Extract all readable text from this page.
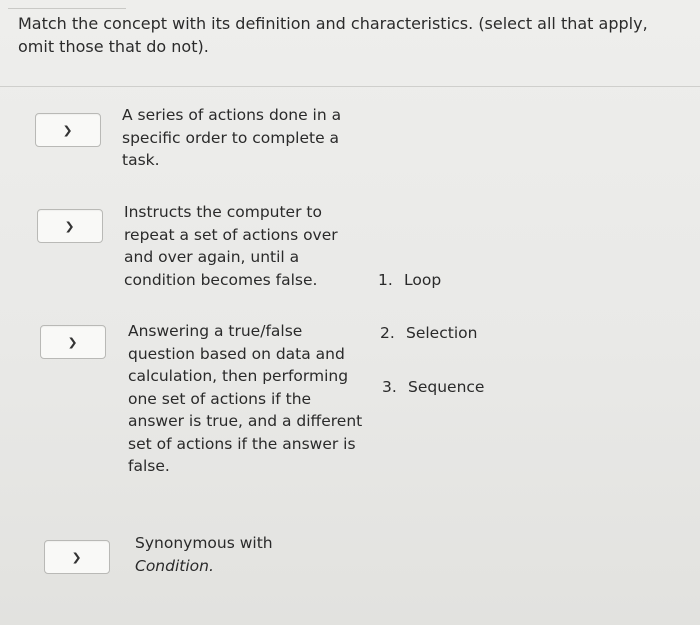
Match the concept with its definition and characteristics. (select all that apply, omit those that do not).
❯
A series of actions done in a specific order to complete a task.
❯
Instructs the computer to repeat a set of actions over and over again, until a condition becomes false.
❯
Answering a true/false question based on data and calculation, then performing one set of actions if the answer is true, and a different set of actions if the answer is false.
❯
Synonymous with
Condition.
1. Loop
2. Selection
3. Sequence
